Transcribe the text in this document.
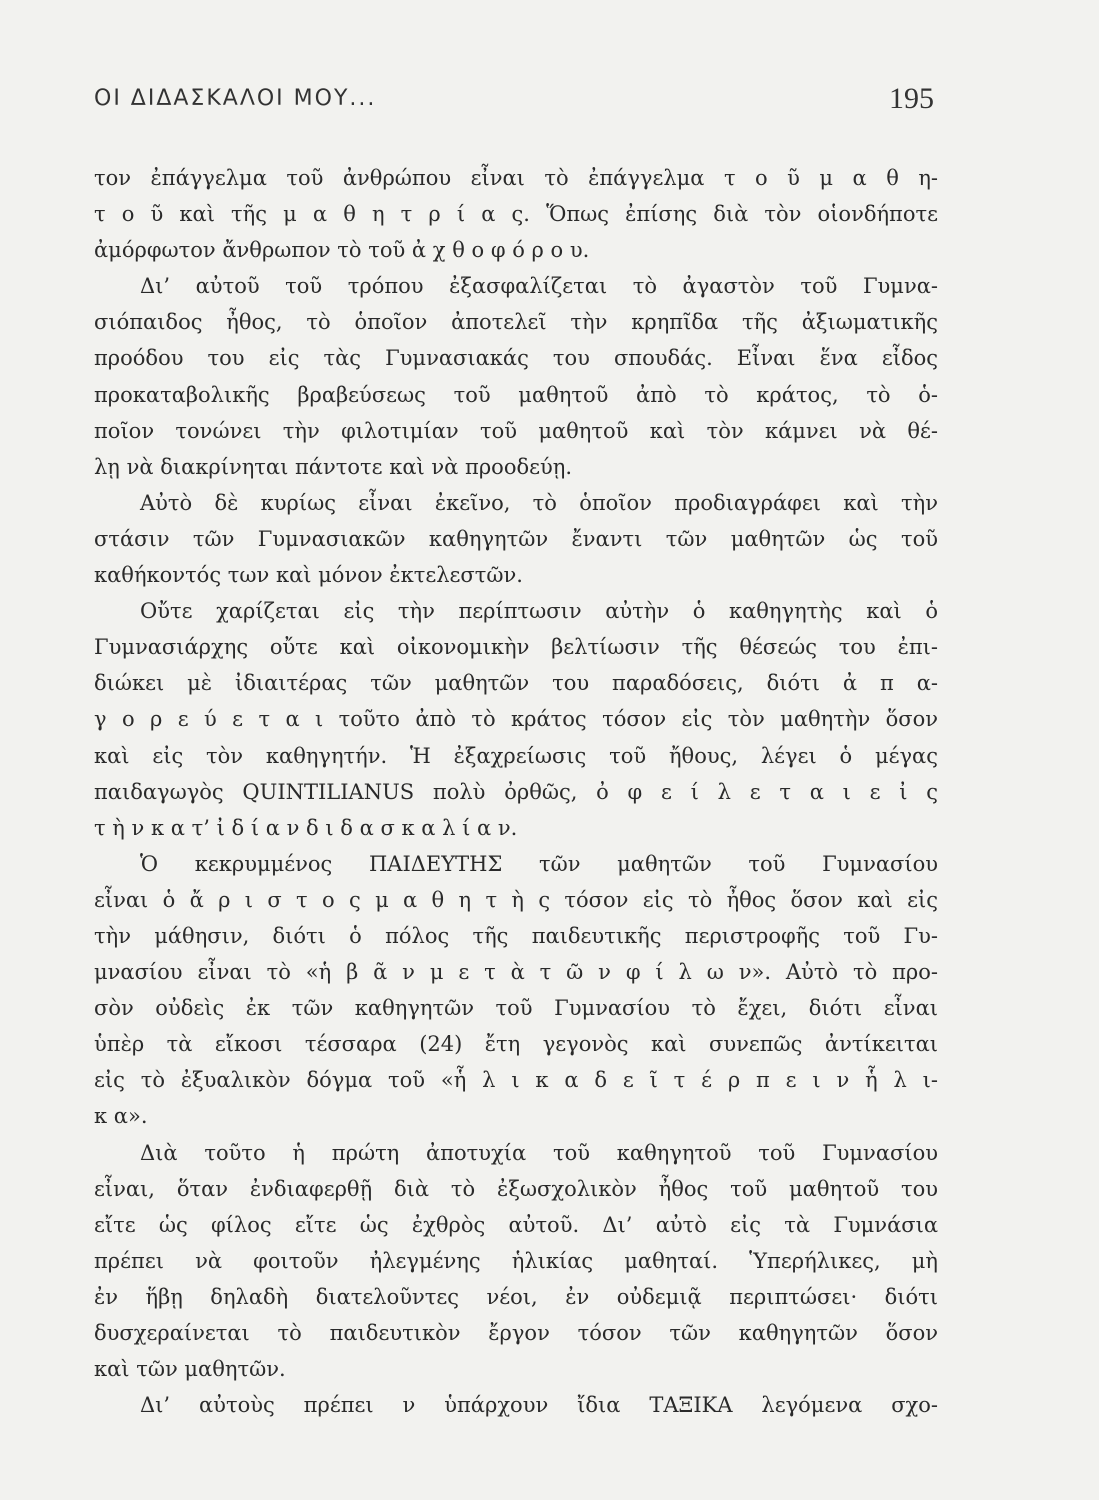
ΟΙ ΔΙΔΑΣΚΑΛΟΙ ΜΟΥ...	195
τον ἐπάγγελμα τοῦ ἀνθρώπου εἶναι τὸ ἐπάγγελμα τ ο ῦ μ α θ η-
τ ο ῦ καὶ τῆς μ α θ η τ ρ ί α ς. Ὅπως ἐπίσης διὰ τὸν οἱονδήποτε
ἀμόρφωτον ἄνθρωπον τὸ τοῦ ἀ χ θ ο φ ό ρ ο υ.
Δι’ αὐτοῦ τοῦ τρόπου ἐξασφαλίζεται τὸ ἀγαστὸν τοῦ Γυμνα-
σιόπαιδος ἦθος, τὸ ὁποῖον ἀποτελεῖ τὴν κρηπῖδα τῆς ἀξιωματικῆς
προόδου του εἰς τὰς Γυμνασιακάς του σπουδάς. Εἶναι ἕνα εἶδος
προκαταβολικῆς βραβεύσεως τοῦ μαθητοῦ ἀπὸ τὸ κράτος, τὸ ὁ-
ποῖον τονώνει τὴν φιλοτιμίαν τοῦ μαθητοῦ καὶ τὸν κάμνει νὰ θέ-
λῃ νὰ διακρίνηται πάντοτε καὶ νὰ προοδεύῃ.
Αὐτὸ δὲ κυρίως εἶναι ἐκεῖνο, τὸ ὁποῖον προδιαγράφει καὶ τὴν
στάσιν τῶν Γυμνασιακῶν καθηγητῶν ἔναντι τῶν μαθητῶν ὡς τοῦ
καθήκοντός των καὶ μόνον ἐκτελεστῶν.
Οὔτε χαρίζεται εἰς τὴν περίπτωσιν αὐτὴν ὁ καθηγητὴς καὶ ὁ
Γυμνασιάρχης οὔτε καὶ οἰκονομικὴν βελτίωσιν τῆς θέσεώς του ἐπι-
διώκει μὲ ἰδιαιτέρας τῶν μαθητῶν του παραδόσεις, διότι ἀ π α-
γ ο ρ ε ύ ε τ α ι τοῦτο ἀπὸ τὸ κράτος τόσον εἰς τὸν μαθητὴν ὅσον
καὶ εἰς τὸν καθηγητήν. Ἡ ἐξαχρείωσις τοῦ ἤθους, λέγει ὁ μέγας
παιδαγωγὸς QUINTILIANUS πολὺ ὀρθῶς, ὀ φ ε ί λ ε τ α ι ε ἰ ς
τ ὴ ν κ α τ’ ἰ δ ί α ν δ ι δ α σ κ α λ ί α ν.
Ὁ κεκρυμμένος ΠΑΙΔΕΥΤΗΣ τῶν μαθητῶν τοῦ Γυμνασίου
εἶναι ὁ ἄ ρ ι σ τ ο ς μ α θ η τ ὴ ς τόσον εἰς τὸ ἦθος ὅσον καὶ εἰς
τὴν μάθησιν, διότι ὁ πόλος τῆς παιδευτικῆς περιστροφῆς τοῦ Γυ-
μνασίου εἶναι τὸ «ἡ β ᾶ ν μ ε τ ὰ τ ῶ ν φ ί λ ω ν». Αὐτὸ τὸ προ-
σὸν οὐδεὶς ἐκ τῶν καθηγητῶν τοῦ Γυμνασίου τὸ ἔχει, διότι εἶναι
ὑπὲρ τὰ εἴκοσι τέσσαρα (24) ἔτη γεγονὸς καὶ συνεπῶς ἀντίκειται
εἰς τὸ ἐξυαλικὸν δόγμα τοῦ «ἧ λ ι κ α δ ε ῖ τ έ ρ π ε ι ν ἧ λ ι-
κ α».
Διὰ τοῦτο ἡ πρώτη ἀποτυχία τοῦ καθηγητοῦ τοῦ Γυμνασίου
εἶναι, ὅταν ἐνδιαφερθῇ διὰ τὸ ἐξωσχολικὸν ἦθος τοῦ μαθητοῦ του
εἴτε ὡς φίλος εἴτε ὡς ἐχθρὸς αὐτοῦ. Δι’ αὐτὸ εἰς τὰ Γυμνάσια
πρέπει νὰ φοιτοῦν ἠλεγμένης ἡλικίας μαθηταί. Ὑπερήλικες, μὴ
ἐν ἥβῃ δηλαδὴ διατελοῦντες νέοι, ἐν οὐδεμιᾷ περιπτώσει· διότι
δυσχεραίνεται τὸ παιδευτικὸν ἔργον τόσον τῶν καθηγητῶν ὅσον
καὶ τῶν μαθητῶν.
Δι’ αὐτοὺς πρέπει ν ὑπάρχουν ἴδια ΤΑΞΙΚΑ λεγόμενα σχο-
